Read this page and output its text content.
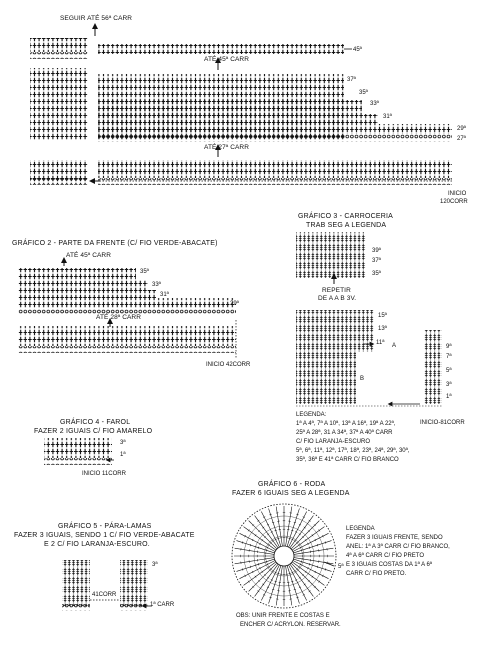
SEGUIR ATÉ 56ª CARR
ATÉ 45ª CARR
ATÉ 27ª CARR
45ª
37ª
35ª
33ª
31ª
29ª
27ª
INICIO
120CORR
GRÁFICO 2 - PARTE DA FRENTE (C/ FIO VERDE-ABACATE)
ATÉ 45ª CARR
ATÉ 28ª CARR
35ª
33ª
31ª
29ª
INICIO 42CORR
GRÁFICO 3 - CARROCERIA
TRAB SEG A LEGENDA
39ª
37ª
35ª
REPETIR
DE A A B 3V.
15ª
13ª
11ª A	9ª
7ª
5ª
3ª
1ª
B
INICIO-81CORR
LEGENDA:
1ª A 4ª, 7ª A 10ª, 13ª A 16ª, 19ª A 22ª,
25ª A 28ª, 31 A 34ª, 37ª A 40ª CARR
C/ FIO LARANJA-ESCURO
5ª, 6ª, 11ª, 12ª, 17ª, 18ª, 23ª, 24ª, 29ª, 30ª,
35ª, 36ª E 41ª CARR C/ FIO BRANCO
GRÁFICO 4 - FAROL
FAZER 2 IGUAIS C/ FIO AMARELO
3ª
1ª
INICIO 11CORR
GRÁFICO 5 - PÁRA-LAMAS
FAZER 3 IGUAIS, SENDO 1 C/ FIO VERDE-ABACATE
E 2 C/ FIO LARANJA-ESCURO.
3ª
1ª CARR
41CORR
GRÁFICO 6 - RODA
FAZER 6 IGUAIS SEG A LEGENDA
5ª
LEGENDA
FAZER 3 IGUAIS FRENTE, SENDO
ANEL: 1ª A 3ª CARR C/ FIO BRANCO,
4ª A 6ª CARR C/ FIO PRETO
E 3 IGUAIS COSTAS DA 1ª A 6ª
CARR C/ FIO PRETO.
OBS: UNIR FRENTE E COSTAS E
ENCHER C/ ACRYLON. RESERVAR.
